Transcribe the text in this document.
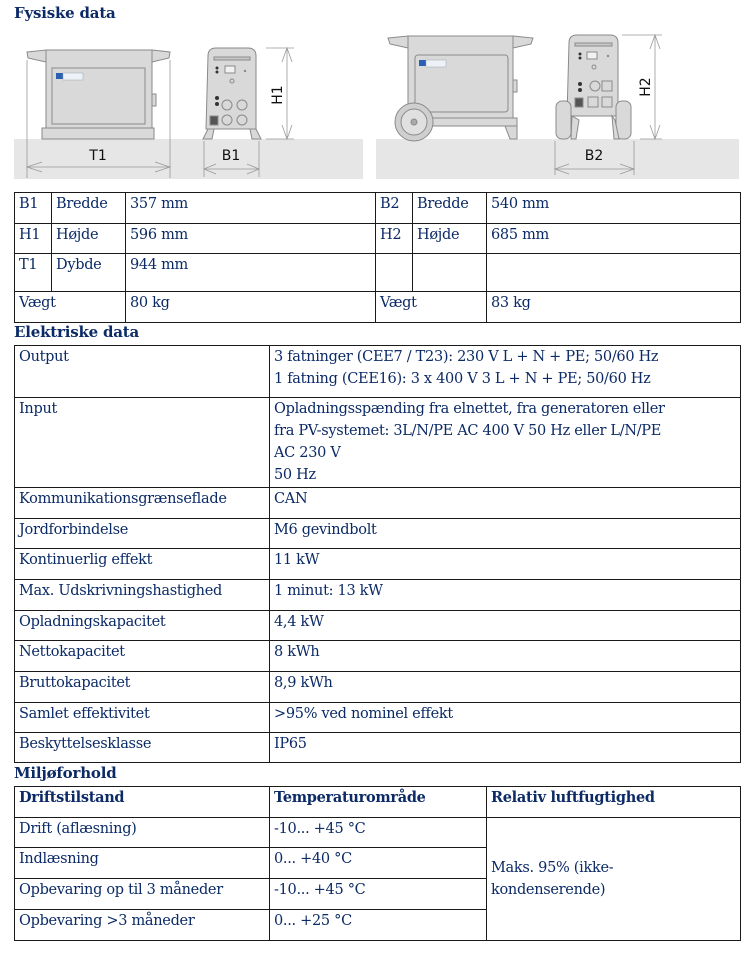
Fysiske data
T1	B1
H1
B2
H2
B1	Bredde	357 mm	B2	Bredde	540 mm
H1	Højde	596 mm	H2	Højde	685 mm
T1	Dybde	944 mm			
Vægt		80 kg	Vægt		83 kg
Elektriske data
Output	3 fatninger (CEE7 / T23): 230 V L + N + PE; 50/60 Hz
1 fatning (CEE16): 3 x 400 V 3 L + N + PE; 50/60 Hz

Input	Opladningsspænding fra elnettet, fra generatoren eller
fra PV-systemet: 3L/N/PE AC 400 V 50 Hz eller L/N/PE
AC 230 V
50 Hz

Kommunikationsgrænseflade	CAN

Jordforbindelse	M6 gevindbolt

Kontinuerlig effekt	11 kW

Max. Udskrivningshastighed	1 minut: 13 kW

Opladningskapacitet	4,4 kW

Nettokapacitet	8 kWh

Bruttokapacitet	8,9 kWh

Samlet effektivitet	>95% ved nominel effekt

Beskyttelsesklasse	IP65
Miljøforhold
Driftstilstand	Temperaturområde	Relativ luftfugtighed
Drift (aflæsning)	-10... +45 °C	Maks. 95% (ikke-
kondenserende)

Indlæsning	0... +40 °C	
Opbevaring op til 3 måneder	-10... +45 °C	
Opbevaring >3 måneder	0... +25 °C	
